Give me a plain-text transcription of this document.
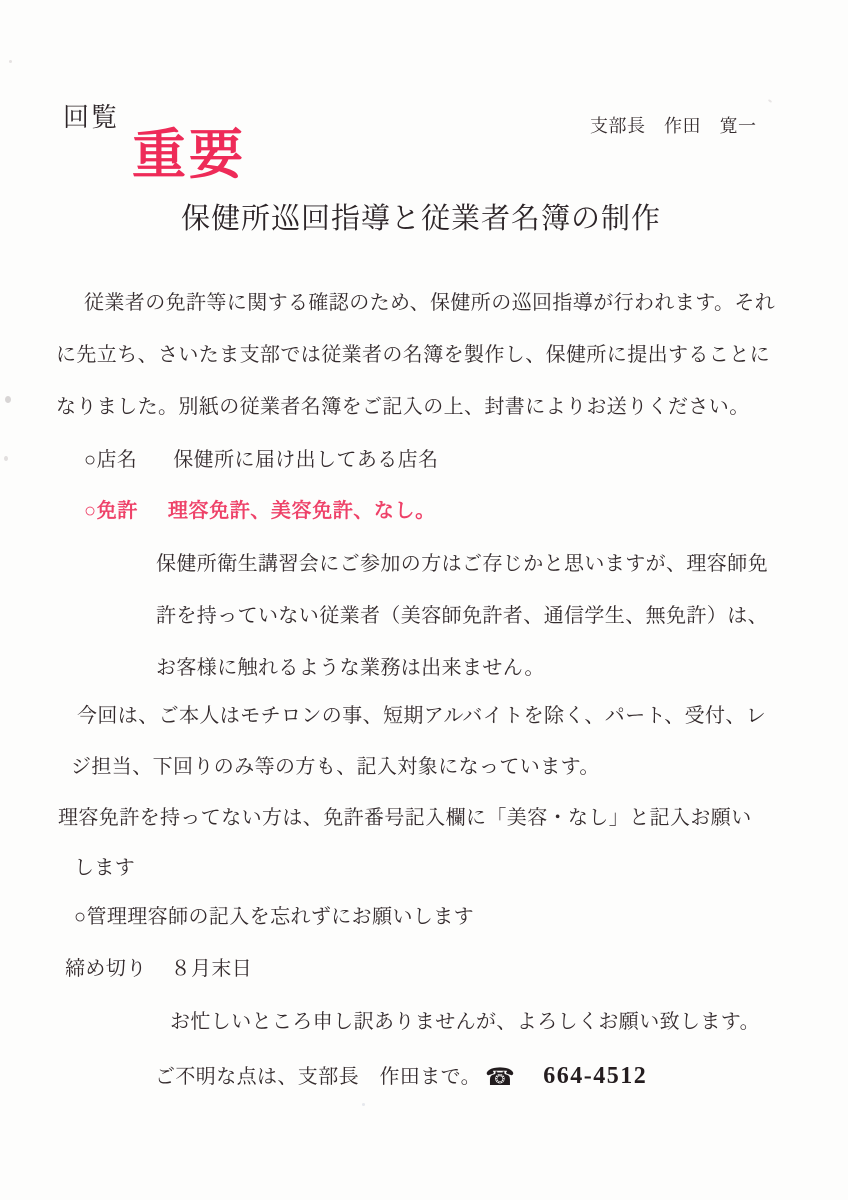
回覧
重要	支部長　作田　寛一
保健所巡回指導と従業者名簿の制作
従業者の免許等に関する確認のため、保健所の巡回指導が行われます。それ
に先立ち、さいたま支部では従業者の名簿を製作し、保健所に提出することに
なりました。別紙の従業者名簿をご記入の上、封書によりお送りください。
○店名 保健所に届け出してある店名
○免許 理容免許、美容免許、なし。
保健所衛生講習会にご参加の方はご存じかと思いますが、理容師免
許を持っていない従業者（美容師免許者、通信学生、無免許）は、
お客様に触れるような業務は出来ません。
今回は、ご本人はモチロンの事、短期アルバイトを除く、パート、受付、レ
ジ担当、下回りのみ等の方も、記入対象になっています。
理容免許を持ってない方は、免許番号記入欄に「美容・なし」と記入お願い
します
○管理理容師の記入を忘れずにお願いします
締め切り ８月末日
お忙しいところ申し訳ありませんが、よろしくお願い致します。
ご不明な点は、支部長　作田まで。 ☎ 664-4512
